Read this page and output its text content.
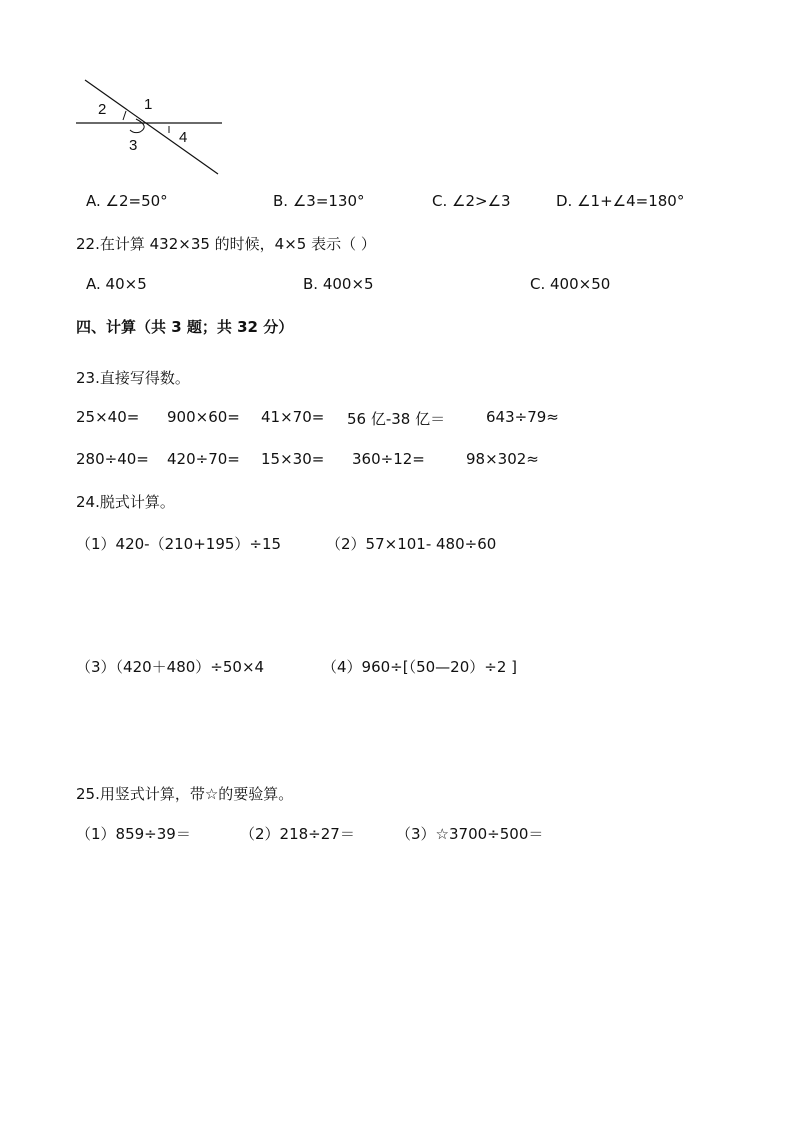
2	1
3	4
A. ∠2=50°	B. ∠3=130°	C. ∠2>∠3	D. ∠1+∠4=180°
22.在计算 432×35 的时候，4×5 表示（ ）
A. 40×5	B. 400×5	C. 400×50
四、计算（共 3 题；共 32 分）
23.直接写得数。
25×40= 900×60= 41×70= 56 亿-38 亿＝	643÷79≈
280÷40= 420÷70= 15×30= 360÷12=	98×302≈
24.脱式计算。
（1）420-（210+195）÷15	（2）57×101- 480÷60
（3）（420＋480）÷50×4	（4）960÷[（50—20）÷2 ]
25.用竖式计算，带☆的要验算。
（1）859÷39＝	（2）218÷27＝	（3）☆3700÷500＝
